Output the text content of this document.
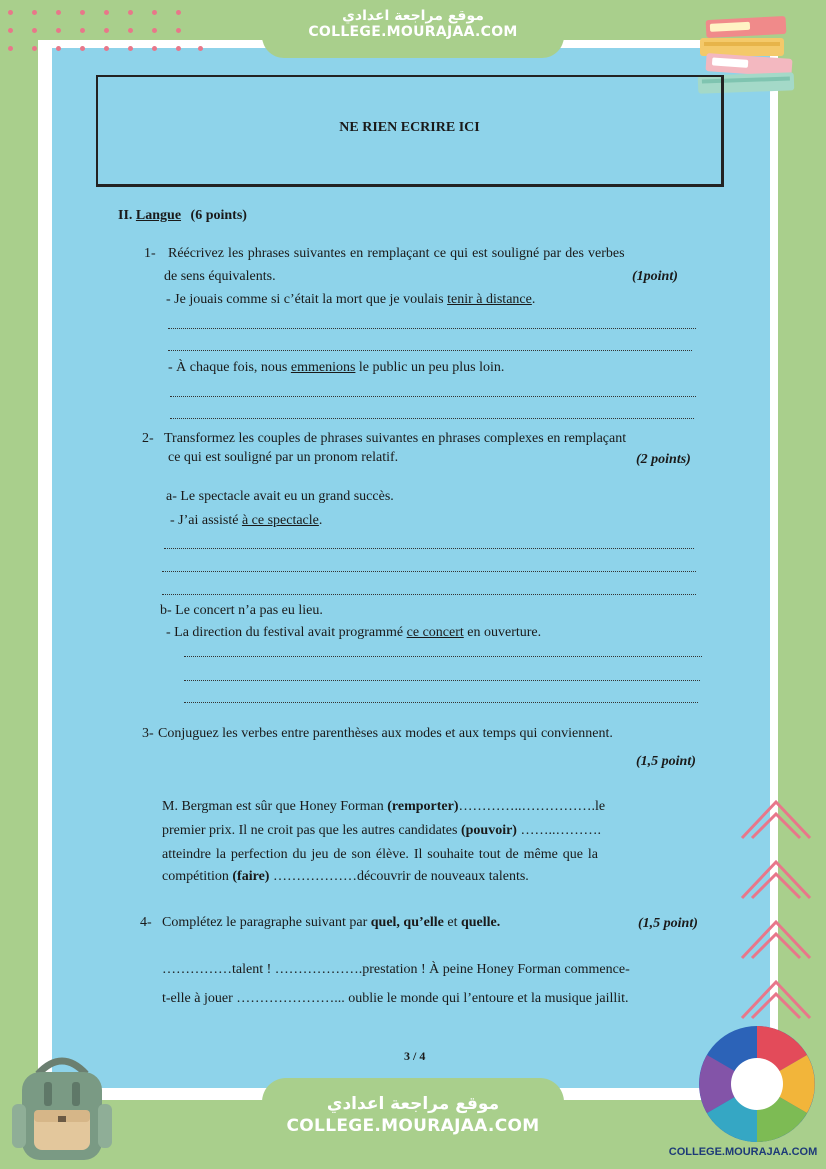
موقع مراجعة اعدادي
COLLEGE.MOURAJAA.COM
NE RIEN ECRIRE ICI
II. Langue (6 points)
1- Réécrivez les phrases suivantes en remplaçant ce qui est souligné par des verbes
de sens équivalents.	(1point)
- Je jouais comme si c’était la mort que je voulais tenir à distance.
- À chaque fois, nous emmenions le public un peu plus loin.
2- Transformez les couples de phrases suivantes en phrases complexes en remplaçant
ce qui est souligné par un pronom relatif.	(2 points)
a- Le spectacle avait eu un grand succès.
- J’ai assisté à ce spectacle.
b- Le concert n’a pas eu lieu.
- La direction du festival avait programmé ce concert en ouverture.
3- Conjuguez les verbes entre parenthèses aux modes et aux temps qui conviennent.
(1,5 point)
M. Bergman est sûr que Honey Forman (remporter)…………..…………….le
premier prix. Il ne croit pas que les autres candidates (pouvoir) ……..……….
atteindre la perfection du jeu de son élève. Il souhaite tout de même que la
compétition (faire) ………………découvrir de nouveaux talents.
4- Complétez le paragraphe suivant par quel, qu’elle et quelle.	(1,5 point)
……………talent ! ……………….prestation ! À peine Honey Forman commence-
t-elle à jouer …………………... oublie le monde qui l’entoure et la musique jaillit.
3 / 4
موقع مراجعة اعدادي
COLLEGE.MOURAJAA.COM
COLLEGE.MOURAJAA.COM
